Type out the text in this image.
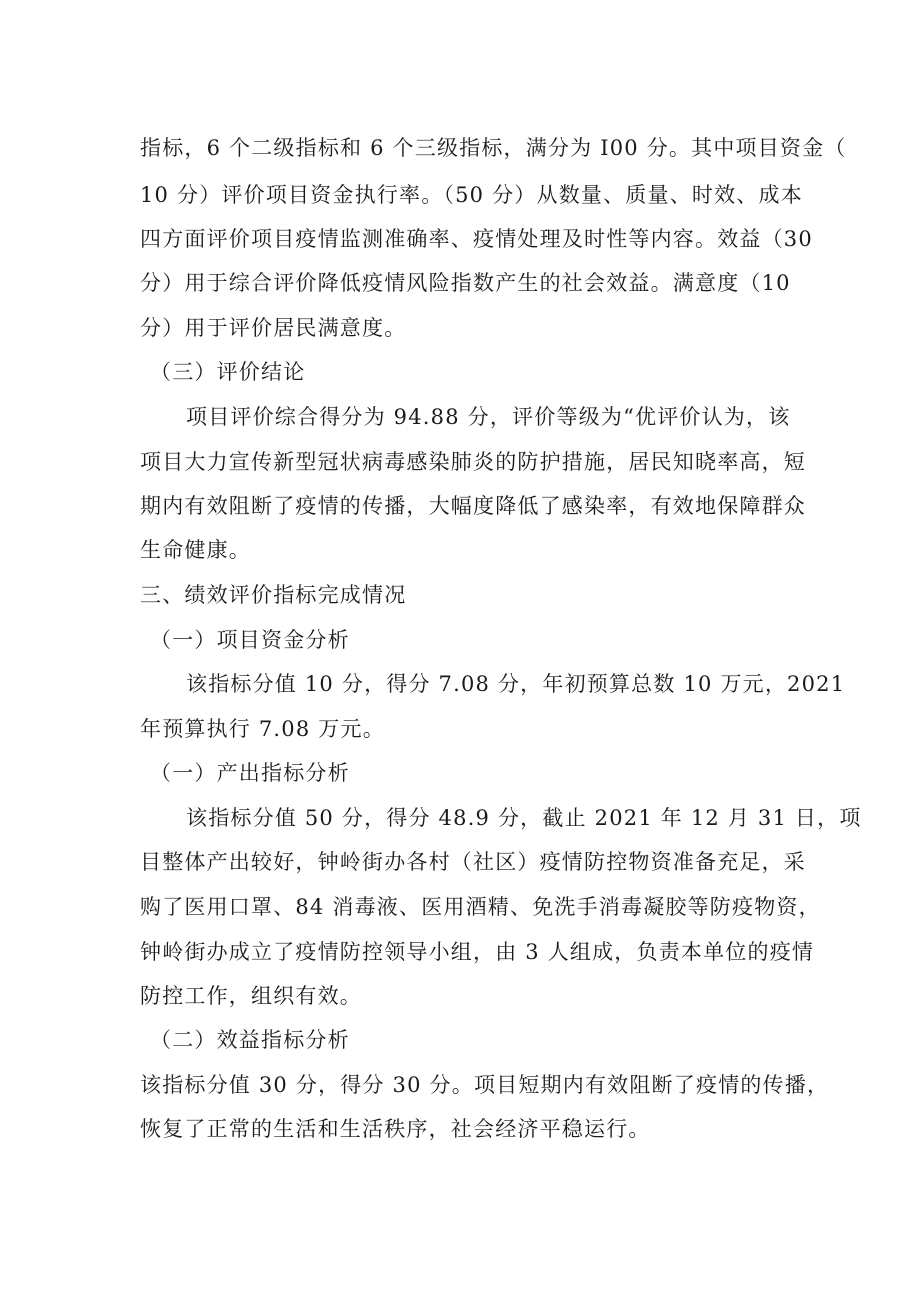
指标，6 个二级指标和 6 个三级指标，满分为 I00 分。其中项目资金（
10 分）评价项目资金执行率。（50 分）从数量、质量、时效、成本
四方面评价项目疫情监测准确率、疫情处理及时性等内容。效益（30
分）用于综合评价降低疫情风险指数产生的社会效益。满意度（10
分）用于评价居民满意度。
（三）评价结论
项目评价综合得分为 94.88 分，评价等级为“优评价认为，该
项目大力宣传新型冠状病毒感染肺炎的防护措施，居民知晓率高，短
期内有效阻断了疫情的传播，大幅度降低了感染率，有效地保障群众
生命健康。
三、绩效评价指标完成情况
（一）项目资金分析
该指标分值 10 分，得分 7.08 分，年初预算总数 10 万元，2021
年预算执行 7.08 万元。
（一）产出指标分析
该指标分值 50 分，得分 48.9 分，截止 2021 年 12 月 31 日，项
目整体产出较好，钟岭街办各村（社区）疫情防控物资准备充足，采
购了医用口罩、84 消毒液、医用酒精、免洗手消毒凝胶等防疫物资，
钟岭街办成立了疫情防控领导小组，由 3 人组成，负责本单位的疫情
防控工作，组织有效。
（二）效益指标分析
该指标分值 30 分，得分 30 分。项目短期内有效阻断了疫情的传播，
恢复了正常的生活和生活秩序，社会经济平稳运行。
